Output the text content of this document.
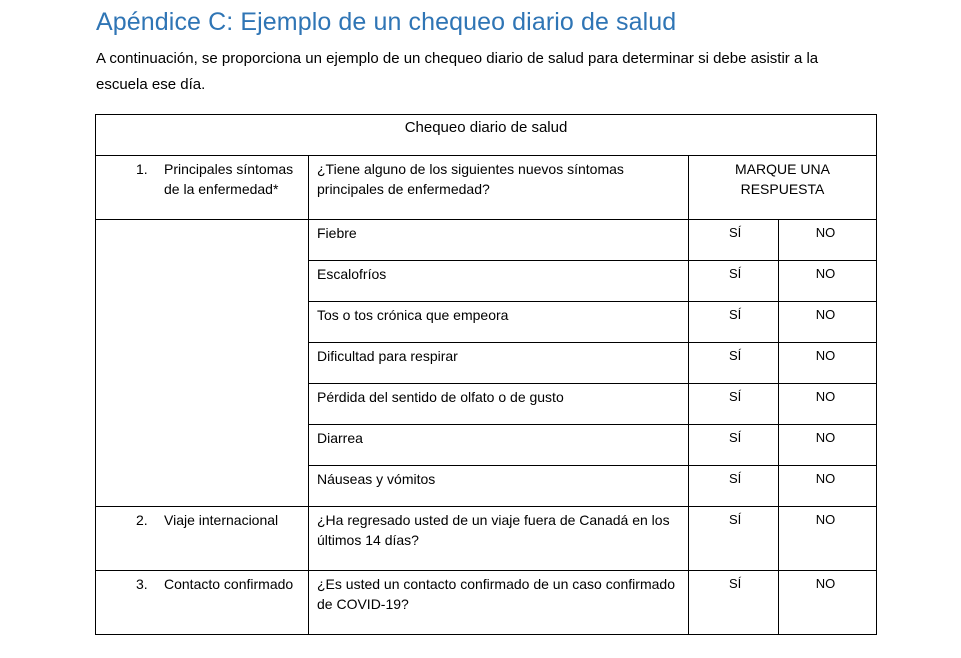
Apéndice C: Ejemplo de un chequeo diario de salud

A continuación, se proporciona un ejemplo de un chequeo diario de salud para determinar si debe asistir a la escuela ese día.

Chequeo diario de salud			

1. Principales síntomas de la enfermedad*	¿Tiene alguno de los siguientes nuevos síntomas principales de enfermedad?	MARQUE UNA RESPUESTA	
	Fiebre	SÍ	NO
	Escalofríos	SÍ	NO
	Tos o tos crónica que empeora	SÍ	NO
	Dificultad para respirar	SÍ	NO
	Pérdida del sentido de olfato o de gusto	SÍ	NO
	Diarrea	SÍ	NO
	Náuseas y vómitos	SÍ	NO

2. Viaje internacional	¿Ha regresado usted de un viaje fuera de Canadá en los últimos 14 días?	SÍ	NO

3. Contacto confirmado	¿Es usted un contacto confirmado de un caso confirmado de COVID-19?	SÍ	NO
